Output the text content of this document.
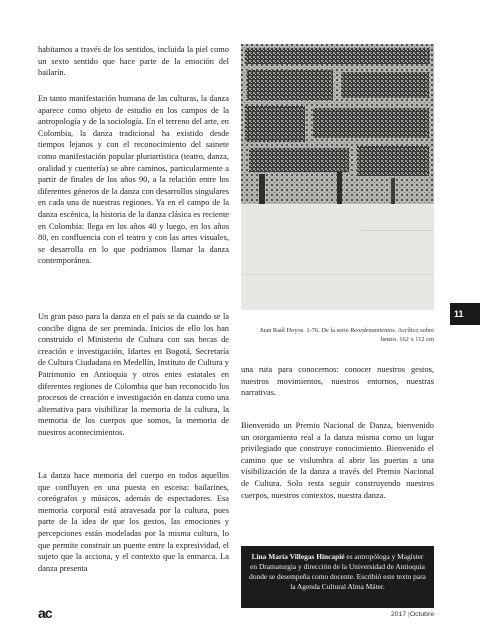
habitamos a través de los sentidos, incluida la piel como un sexto sentido que hace parte de la emoción del bailarín.

En tanto manifestación humana de las culturas, la danza aparece como objeto de estudio en los campos de la antropología y de la sociología. En el terreno del arte, en Colombia, la danza tradicional ha existido desde tiempos lejanos y con el reconocimiento del sainete como manifestación popular pluriartística (teatro, danza, oralidad y cuentería) se abre caminos, particularmente a partir de finales de los años 90, a la relación entre los diferentes géneros de la danza con desarrollos singulares en cada una de nuestras regiones. Ya en el campo de la danza escénica, la historia de la danza clásica es reciente en Colombia: llega en los años 40 y luego, en los años 80, en confluencia con el teatro y con las artes visuales, se desarrolla en lo que podríamos llamar la danza contemporánea.

Un gran paso para la danza en el país se da cuando se la concibe digna de ser premiada. Inicios de ello los han construido el Ministerio de Cultura con sus becas de creación e investigación, Idartes en Bogotá, Secretaría de Cultura Ciudadana en Medellín, Instituto de Cultura y Patrimonio en Antioquia y otros entes estatales en diferentes regiones de Colombia que han reconocido los procesos de creación e investigación en danza como una alternativa para visibilizar la memoria de la cultura, la memoria de los cuerpos que somos, la memoria de nuestros acontecimientos.

La danza hace memoria del cuerpo en todos aquellos que confluyen en una puesta en escena: bailarines, coreógrafos y músicos, además de espectadores. Esa memoria corporal está atravesada por la cultura, pues parte de la idea de que los gestos, las emociones y percepciones están modeladas por la misma cultura, lo que permite construir un puente entre la expresividad, el sujeto que la acciona, y el contexto que la enmarca. La danza presenta

Juan Raúl Hoyos. 1-76. De la serie Reordenamientos. Acrílico sobre lienzo. 162 x 112 cm
11

una ruta para conocernos: conocer nuestros gestos, nuestros movimientos, nuestros entornos, nuestras narrativas.

Bienvenido un Premio Nacional de Danza, bienvenido un otorgamiento real a la danza misma como un lugar privilegiado que construye conocimiento. Bienvenido el camino que se vislumbra al abrir las puertas a una visibilización de la danza a través del Premio Nacional de Cultura. Solo resta seguir construyendo nuestros cuerpos, nuestros contextos, nuestra danza.

Lina María Villegas Hincapié es antropóloga y Magíster en Dramaturgia y dirección de la Universidad de Antioquia donde se desempeña como docente. Escribió este texto para la Agenda Cultural Alma Máter.
ac	2017 |Octubre
